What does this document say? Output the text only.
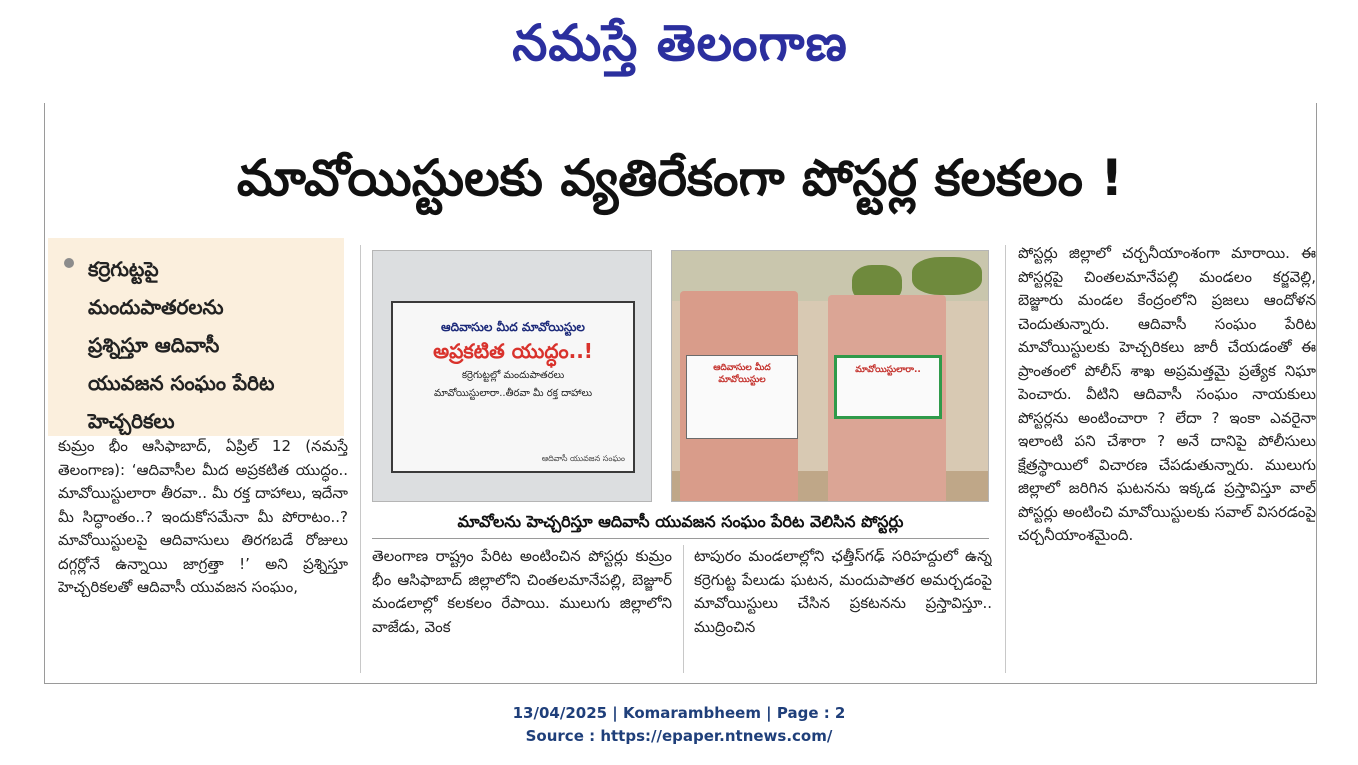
నమస్తే తెలంగాణ
మావోయిస్టులకు వ్యతిరేకంగా పోస్టర్ల కలకలం !
కర్రెగుట్టపై
మందుపాతరలను
ప్రశ్నిస్తూ ఆదివాసీ
యువజన సంఘం పేరిట
హెచ్చరికలు

కుమ్రం భీం ఆసిఫాబాద్, ఏప్రిల్ 12 (నమస్తే తెలంగాణ): ‘ఆదివాసీల మీద అప్రకటిత యుద్ధం.. మావోయిస్టులారా తీరవా.. మీ రక్త దాహాలు, ఇదేనా మీ సిద్ధాంతం..? ఇందుకోసమేనా మీ పోరాటం..? మావోయిస్టులపై ఆదివాసులు తిరగబడే రోజులు దగ్గర్లోనే ఉన్నాయి జాగ్రత్తా !’ అని ప్రశ్నిస్తూ హెచ్చరికలతో ఆదివాసీ యువజన సంఘం,

ఆదివాసుల మీద మావోయిస్టుల
అప్రకటిత యుద్ధం..!
కర్రెగుట్టల్లో మందుపాతరలు
మావోయిస్టులారా..తీరవా మీ రక్త దాహాలు
ఆదివాసీ యువజన సంఘం
ఆదివాసుల మీద మావోయిస్టుల
మావోయిస్టులారా..
మావోలను హెచ్చరిస్తూ ఆదివాసీ యువజన సంఘం పేరిట వెలిసిన పోస్టర్లు

తెలంగాణ రాష్ట్రం పేరిట అంటించిన పోస్టర్లు కుమ్రం భీం ఆసిఫాబాద్ జిల్లాలోని చింతలమానేపల్లి, బెజ్జూర్ మండలాల్లో కలకలం రేపాయి. ములుగు జిల్లాలోని వాజేడు, వెంక

టాపురం మండలాల్లోని ఛత్తీస్‌గఢ్ సరిహద్దులో ఉన్న కర్రెగుట్ట పేలుడు ఘటన, మందుపాతర అమర్చడంపై మావోయిస్టులు చేసిన ప్రకటనను ప్రస్తావిస్తూ.. ముద్రించిన

పోస్టర్లు జిల్లాలో చర్చనీయాంశంగా మారాయి. ఈ పోస్టర్లపై చింతలమానేపల్లి మండలం కర్జవెల్లి, బెజ్జూరు మండల కేంద్రంలోని ప్రజలు ఆందోళన చెందుతున్నారు. ఆదివాసీ సంఘం పేరిట మావోయిస్టులకు హెచ్చరికలు జారీ చేయడంతో ఈ ప్రాంతంలో పోలీస్ శాఖ అప్రమత్తమై ప్రత్యేక నిఘా పెంచారు. వీటిని ఆదివాసీ సంఘం నాయకులు పోస్టర్లను అంటించారా ? లేదా ? ఇంకా ఎవరైనా ఇలాంటి పని చేశారా ? అనే దానిపై పోలీసులు క్షేత్రస్థాయిలో విచారణ చేపడుతున్నారు. ములుగు జిల్లాలో జరిగిన ఘటనను ఇక్కడ ప్రస్తావిస్తూ వాల్ పోస్టర్లు అంటించి మావోయిస్టులకు సవాల్ విసరడంపై చర్చనీయాంశమైంది.

13/04/2025 | Komarambheem | Page : 2
Source : https://epaper.ntnews.com/
